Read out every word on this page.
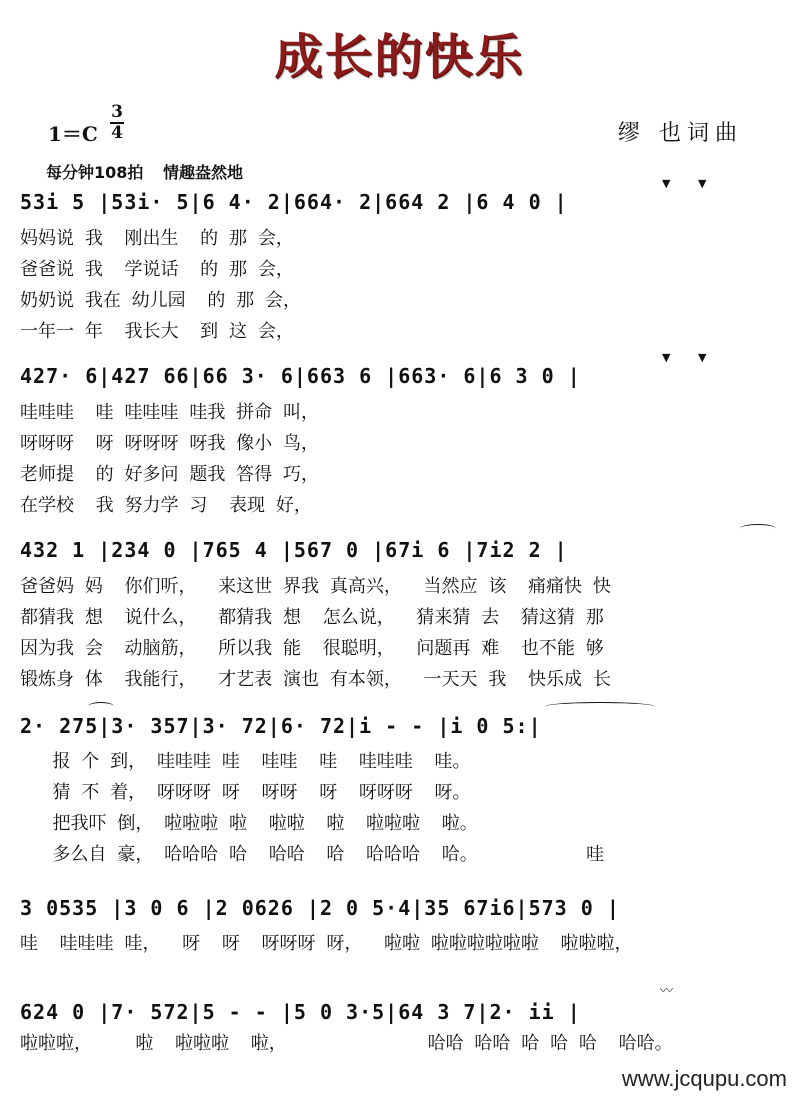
成长的快乐
1＝C
3
4	缪 也词曲
每分钟108拍 情趣盎然地
53i 5 |53i· 5|6 4· 2|664· 2|664 2 |6 4 0 |
妈妈说 我  刚出生  的 那 会，
爸爸说 我  学说话  的 那 会，
奶奶说 我在 幼儿园  的 那 会，
一年一 年  我长大  到 这 会，
▼	▼
427· 6|427 66|66 3· 6|663 6 |663· 6|6 3 0 |
哇哇哇  哇 哇哇哇 哇我 拼命 叫，
呀呀呀  呀 呀呀呀 呀我 像小 鸟，
老师提  的 好多问 题我 答得 巧，
在学校  我 努力学 习  表现 好，
▼	▼
432 1 |234 0 |765 4 |567 0 |67i 6 |7i2 2 |
爸爸妈 妈  你们听，  来这世 界我 真高兴，  当然应 该  痛痛快 快
都猜我 想  说什么，  都猜我 想  怎么说，  猜来猜 去  猜这猜 那
因为我 会  动脑筋，  所以我 能  很聪明，  问题再 难  也不能 够
锻炼身 体  我能行，  才艺表 演也 有本领，  一天天 我  快乐成 长
2· 275|3· 357|3· 72|6· 72|i - - |i 0 5:|
报 个 到， 哇哇哇 哇  哇哇  哇  哇哇哇  哇。
猜 不 着， 呀呀呀 呀  呀呀  呀  呀呀呀  呀。
把我吓 倒， 啦啦啦 啦  啦啦  啦  啦啦啦  啦。
多么自 豪， 哈哈哈 哈  哈哈  哈  哈哈哈  哈。          哇
3 0535 |3 0 6 |2 0626 |2 0 5·4|35 67i6|573 0 |
哇  哇哇哇 哇，  呀  呀  呀呀呀 呀，  啦啦 啦啦啦啦啦啦  啦啦啦，
624 0 |7· 572|5 - - |5 0 3·5|64 3 7|2· ii |
啦啦啦，    啦  啦啦啦  啦，             哈哈 哈哈 哈 哈 哈  哈哈。
〰
www.jcqupu.com
